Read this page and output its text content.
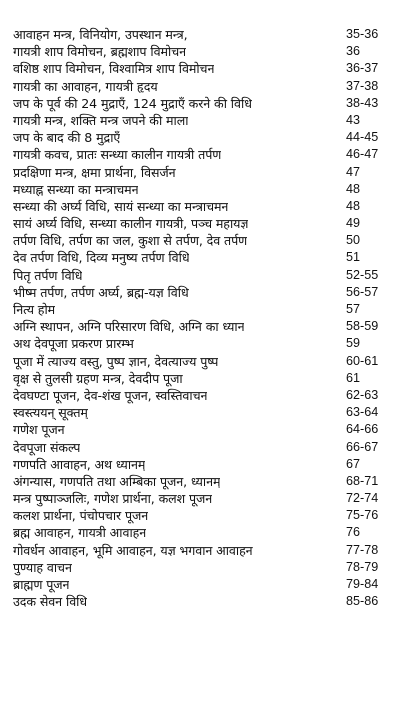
आवाहन मन्त्र, विनियोग, उपस्थान मन्त्र,	35-36
गायत्री शाप विमोचन, ब्रह्मशाप विमोचन	36
वशिष्ठ शाप विमोचन, विश्वामित्र शाप विमोचन	36-37
गायत्री का आवाहन, गायत्री हृदय	37-38
जप के पूर्व की 24 मुद्राएँ, 124 मुद्राएँ करने की विधि	38-43
गायत्री मन्त्र, शक्ति मन्त्र जपने की माला	43
जप के बाद की 8 मुद्राएँ	44-45
गायत्री कवच, प्रातः सन्ध्या कालीन गायत्री तर्पण	46-47
प्रदक्षिणा मन्त्र, क्षमा प्रार्थना, विसर्जन	47
मध्याह्न सन्ध्या का मन्त्राचमन	48
सन्ध्या की अर्घ्य विधि, सायं सन्ध्या का मन्त्राचमन	48
सायं अर्घ्य विधि, सन्ध्या कालीन गायत्री, पञ्च महायज्ञ	49
तर्पण विधि, तर्पण का जल, कुशा से तर्पण, देव तर्पण	50
देव तर्पण विधि, दिव्य मनुष्य तर्पण विधि	51
पितृ तर्पण विधि	52-55
भीष्म तर्पण, तर्पण अर्घ्य, ब्रह्म-यज्ञ विधि	56-57
नित्य होम	57
अग्नि स्थापन, अग्नि परिसारण विधि, अग्नि का ध्यान	58-59
अथ देवपूजा प्रकरण प्रारम्भ	59
पूजा में त्याज्य वस्तु, पुष्प ज्ञान, देवत्याज्य पुष्प	60-61
वृक्ष से तुलसी ग्रहण मन्त्र, देवदीप पूजा	61
देवघण्टा पूजन, देव-शंख पूजन, स्वस्तिवाचन	62-63
स्वस्त्ययन् सूक्तम्	63-64
गणेश पूजन	64-66
देवपूजा संकल्प	66-67
गणपति आवाहन, अथ ध्यानम्	67
अंगन्यास, गणपति तथा अम्बिका पूजन, ध्यानम्	68-71
मन्त्र पुष्पाञ्जलिः, गणेश प्रार्थना, कलश पूजन	72-74
कलश प्रार्थना, पंचोपचार पूजन	75-76
ब्रह्म आवाहन, गायत्री आवाहन	76
गोवर्धन आवाहन, भूमि आवाहन, यज्ञ भगवान आवाहन	77-78
पुण्याह वाचन	78-79
ब्राह्मण पूजन	79-84
उदक सेवन विधि	85-86
